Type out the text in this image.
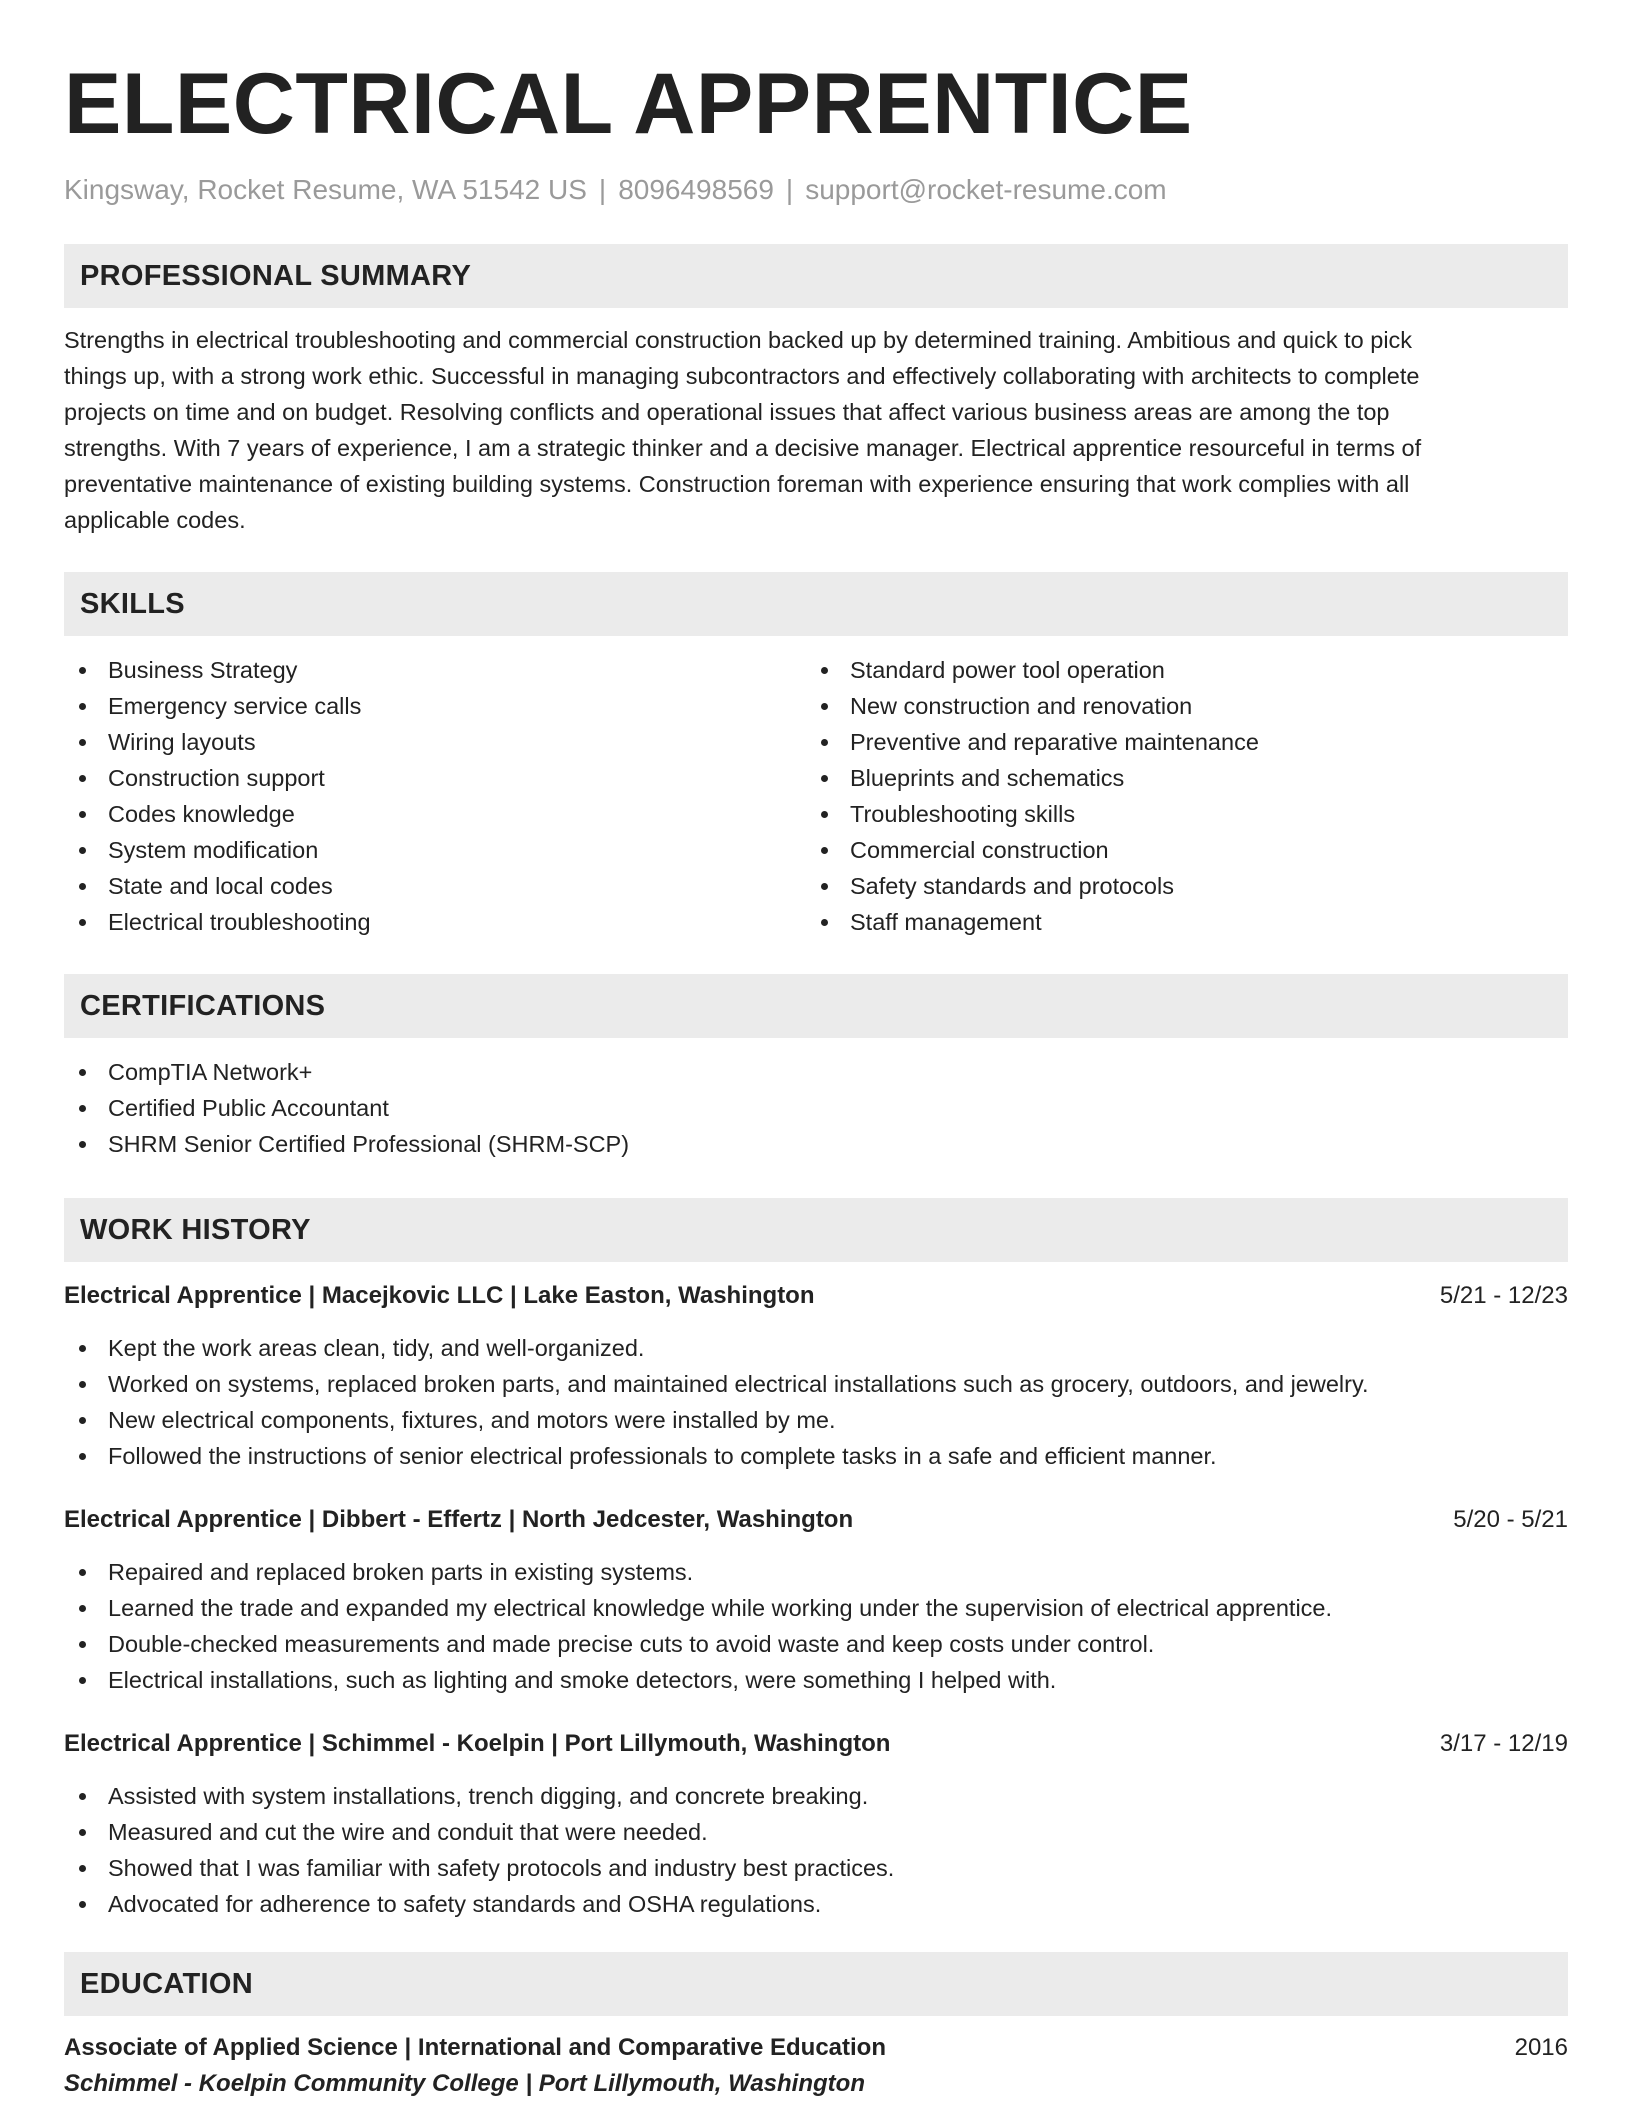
ELECTRICAL APPRENTICE
Kingsway, Rocket Resume, WA 51542 US | 8096498569 | support@rocket-resume.com
PROFESSIONAL SUMMARY
Strengths in electrical troubleshooting and commercial construction backed up by determined training. Ambitious and quick to pick
things up, with a strong work ethic. Successful in managing subcontractors and effectively collaborating with architects to complete
projects on time and on budget. Resolving conflicts and operational issues that affect various business areas are among the top
strengths. With 7 years of experience, I am a strategic thinker and a decisive manager. Electrical apprentice resourceful in terms of
preventative maintenance of existing building systems. Construction foreman with experience ensuring that work complies with all
applicable codes.
SKILLS
Business Strategy
Emergency service calls
Wiring layouts
Construction support
Codes knowledge
System modification
State and local codes
Electrical troubleshooting
Standard power tool operation
New construction and renovation
Preventive and reparative maintenance
Blueprints and schematics
Troubleshooting skills
Commercial construction
Safety standards and protocols
Staff management
CERTIFICATIONS
CompTIA Network+
Certified Public Accountant
SHRM Senior Certified Professional (SHRM-SCP)
WORK HISTORY
Electrical Apprentice | Macejkovic LLC | Lake Easton, Washington	5/21 - 12/23
Kept the work areas clean, tidy, and well-organized.
Worked on systems, replaced broken parts, and maintained electrical installations such as grocery, outdoors, and jewelry.
New electrical components, fixtures, and motors were installed by me.
Followed the instructions of senior electrical professionals to complete tasks in a safe and efficient manner.
Electrical Apprentice | Dibbert - Effertz | North Jedcester, Washington	5/20 - 5/21
Repaired and replaced broken parts in existing systems.
Learned the trade and expanded my electrical knowledge while working under the supervision of electrical apprentice.
Double-checked measurements and made precise cuts to avoid waste and keep costs under control.
Electrical installations, such as lighting and smoke detectors, were something I helped with.
Electrical Apprentice | Schimmel - Koelpin | Port Lillymouth, Washington	3/17 - 12/19
Assisted with system installations, trench digging, and concrete breaking.
Measured and cut the wire and conduit that were needed.
Showed that I was familiar with safety protocols and industry best practices.
Advocated for adherence to safety standards and OSHA regulations.
EDUCATION
Associate of Applied Science | International and Comparative Education	2016
Schimmel - Koelpin Community College | Port Lillymouth, Washington
